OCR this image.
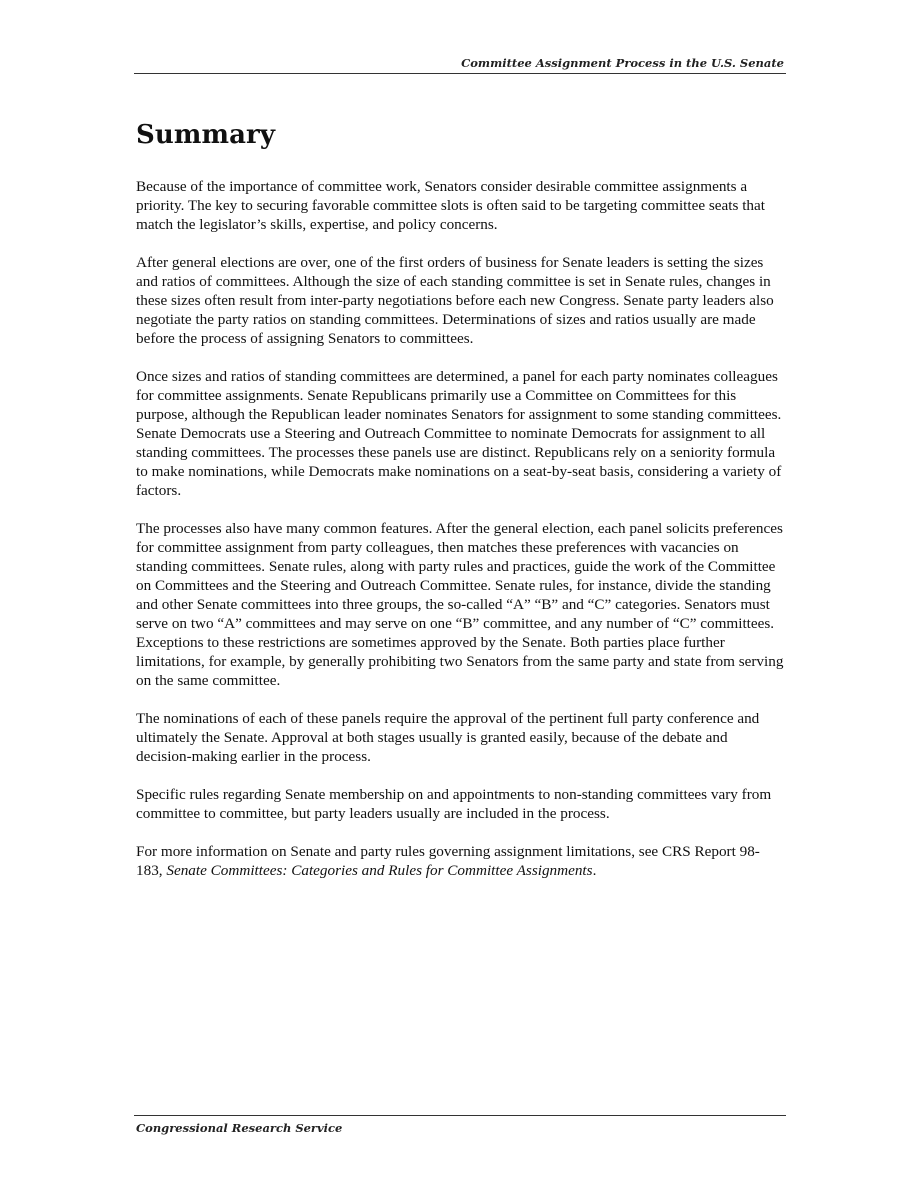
Committee Assignment Process in the U.S. Senate
Summary

Because of the importance of committee work, Senators consider desirable committee assignments a priority. The key to securing favorable committee slots is often said to be targeting committee seats that match the legislator’s skills, expertise, and policy concerns.

After general elections are over, one of the first orders of business for Senate leaders is setting the sizes and ratios of committees. Although the size of each standing committee is set in Senate rules, changes in these sizes often result from inter-party negotiations before each new Congress. Senate party leaders also negotiate the party ratios on standing committees. Determinations of sizes and ratios usually are made before the process of assigning Senators to committees.

Once sizes and ratios of standing committees are determined, a panel for each party nominates colleagues for committee assignments. Senate Republicans primarily use a Committee on Committees for this purpose, although the Republican leader nominates Senators for assignment to some standing committees. Senate Democrats use a Steering and Outreach Committee to nominate Democrats for assignment to all standing committees. The processes these panels use are distinct. Republicans rely on a seniority formula to make nominations, while Democrats make nominations on a seat-by-seat basis, considering a variety of factors.

The processes also have many common features. After the general election, each panel solicits preferences for committee assignment from party colleagues, then matches these preferences with vacancies on standing committees. Senate rules, along with party rules and practices, guide the work of the Committee on Committees and the Steering and Outreach Committee. Senate rules, for instance, divide the standing and other Senate committees into three groups, the so-called “A” “B” and “C” categories. Senators must serve on two “A” committees and may serve on one “B” committee, and any number of “C” committees. Exceptions to these restrictions are sometimes approved by the Senate. Both parties place further limitations, for example, by generally prohibiting two Senators from the same party and state from serving on the same committee.

The nominations of each of these panels require the approval of the pertinent full party conference and ultimately the Senate. Approval at both stages usually is granted easily, because of the debate and decision-making earlier in the process.

Specific rules regarding Senate membership on and appointments to non-standing committees vary from committee to committee, but party leaders usually are included in the process.

For more information on Senate and party rules governing assignment limitations, see CRS Report 98-183, Senate Committees: Categories and Rules for Committee Assignments.

Congressional Research Service
